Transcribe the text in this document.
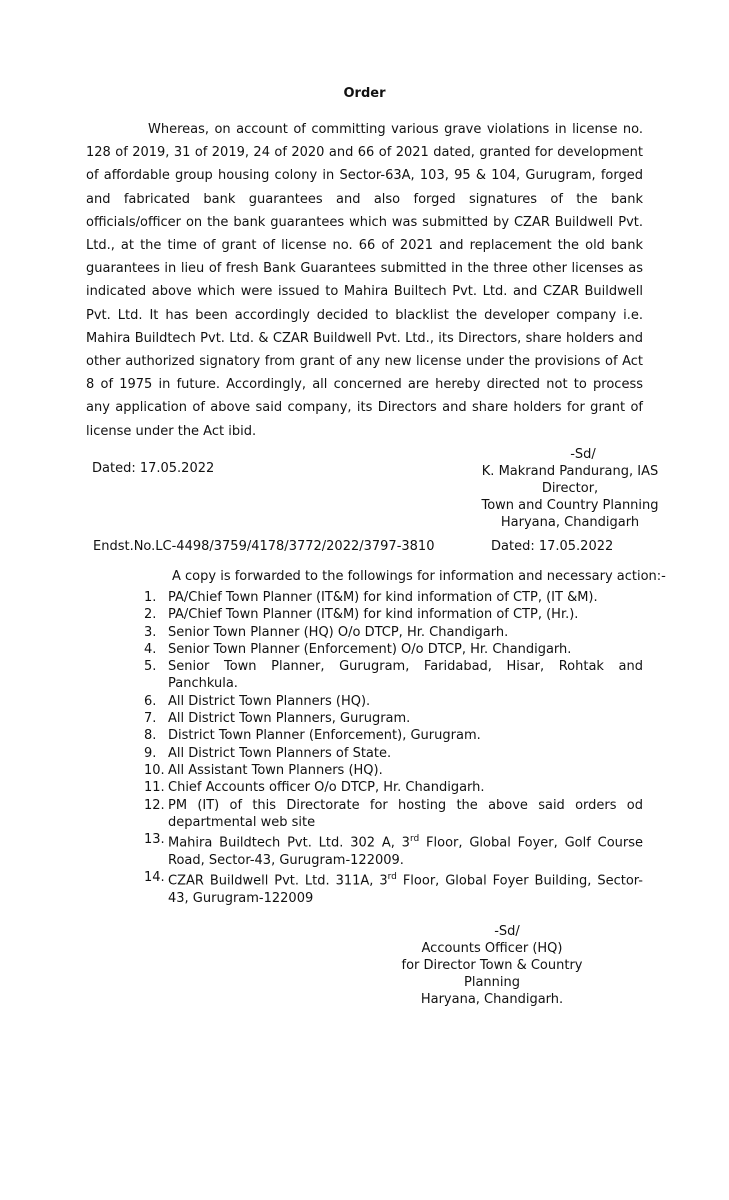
Order
Whereas, on account of committing various grave violations in license no. 128 of 2019, 31 of 2019, 24 of 2020 and 66 of 2021 dated, granted for development of affordable group housing colony in Sector-63A, 103, 95 & 104, Gurugram, forged and fabricated bank guarantees and also forged signatures of the bank officials/officer on the bank guarantees which was submitted by CZAR Buildwell Pvt. Ltd., at the time of grant of license no. 66 of 2021 and replacement the old bank guarantees in lieu of fresh Bank Guarantees submitted in the three other licenses as indicated above which were issued to Mahira Builtech Pvt. Ltd. and CZAR Buildwell Pvt. Ltd. It has been accordingly decided to blacklist the developer company i.e. Mahira Buildtech Pvt. Ltd. & CZAR Buildwell Pvt. Ltd., its Directors, share holders and other authorized signatory from grant of any new license under the provisions of Act 8 of 1975 in future. Accordingly, all concerned are hereby directed not to process any application of above said company, its Directors and share holders for grant of license under the Act ibid.
Dated: 17.05.2022
-Sd/
K. Makrand Pandurang, IAS
Director,
Town and Country Planning
Haryana, Chandigarh
Endst.No.LC-4498/3759/4178/3772/2022/3797-3810	Dated: 17.05.2022
A copy is forwarded to the followings for information and necessary action:-
1. PA/Chief Town Planner (IT&M) for kind information of CTP, (IT &M).
2. PA/Chief Town Planner (IT&M) for kind information of CTP, (Hr.).
3. Senior Town Planner (HQ) O/o DTCP, Hr. Chandigarh.
4. Senior Town Planner (Enforcement) O/o DTCP, Hr. Chandigarh.
5. Senior Town Planner, Gurugram, Faridabad, Hisar, Rohtak and Panchkula.
6. All District Town Planners (HQ).
7. All District Town Planners, Gurugram.
8. District Town Planner (Enforcement), Gurugram.
9. All District Town Planners of State.
10. All Assistant Town Planners (HQ).
11. Chief Accounts officer O/o DTCP, Hr. Chandigarh.
12. PM (IT) of this Directorate for hosting the above said orders od departmental web site
13. Mahira Buildtech Pvt. Ltd. 302 A, 3rd Floor, Global Foyer, Golf Course Road, Sector-43, Gurugram-122009.
14. CZAR Buildwell Pvt. Ltd. 311A, 3rd Floor, Global Foyer Building, Sector-43, Gurugram-122009
-Sd/
Accounts Officer (HQ)
for Director Town & Country Planning
Haryana, Chandigarh.
